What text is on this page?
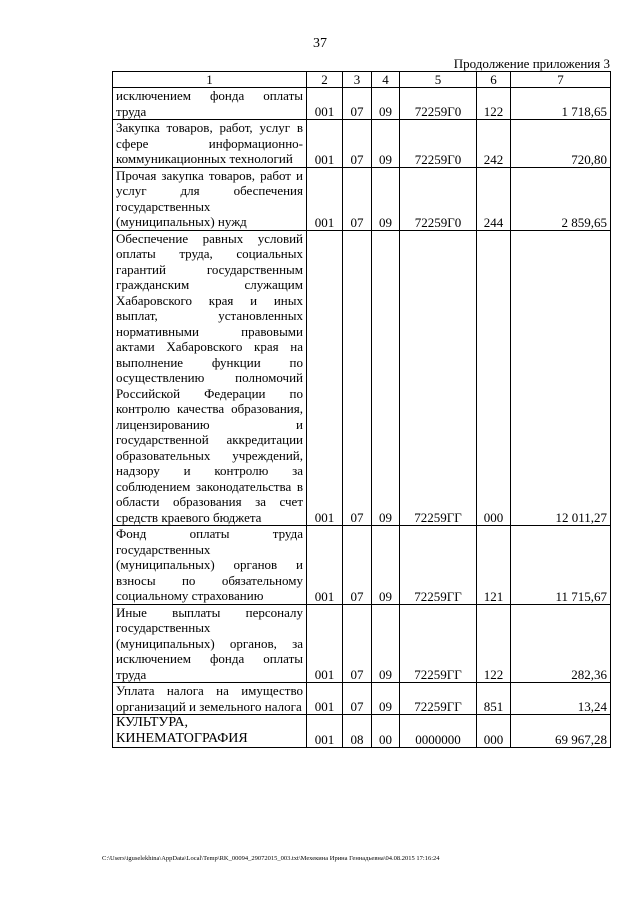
37
Продолжение приложения 3
1	2	3	4	5	6	7
исключением фонда оплаты труда	001	07	09	72259Г0	122	1 718,65
Закупка товаров, работ, услуг в сфере информационно-коммуникационных технологий	001	07	09	72259Г0	242	720,80
Прочая закупка товаров, работ и услуг для обеспечения государственных (муниципальных) нужд	001	07	09	72259Г0	244	2 859,65
Обеспечение равных условий оплаты труда, социальных гарантий государственным гражданским служащим Хабаровского края и иных выплат, установленных нормативными правовыми актами Хабаровского края на выполнение функции по осуществлению полномочий Российской Федерации по контролю качества образования, лицензированию и государственной аккредитации образовательных учреждений, надзору и контролю за соблюдением законодательства в области образования за счет средств краевого бюджета	001	07	09	72259ГГ	000	12 011,27
Фонд оплаты труда государственных (муниципальных) органов и взносы по обязательному социальному страхованию	001	07	09	72259ГГ	121	11 715,67
Иные выплаты персоналу государственных (муниципальных) органов, за исключением фонда оплаты труда	001	07	09	72259ГГ	122	282,36
Уплата налога на имущество организаций и земельного налога	001	07	09	72259ГГ	851	13,24
КУЛЬТУРА, КИНЕМАТОГРАФИЯ	001	08	00	0000000	000	69 967,28
C:\Users\iguselekhina\AppData\Local\Temp\RK_00094_29072015_003.txt\Мехекина Ирина Геннадьевна\04.08.2015 17:16:24
